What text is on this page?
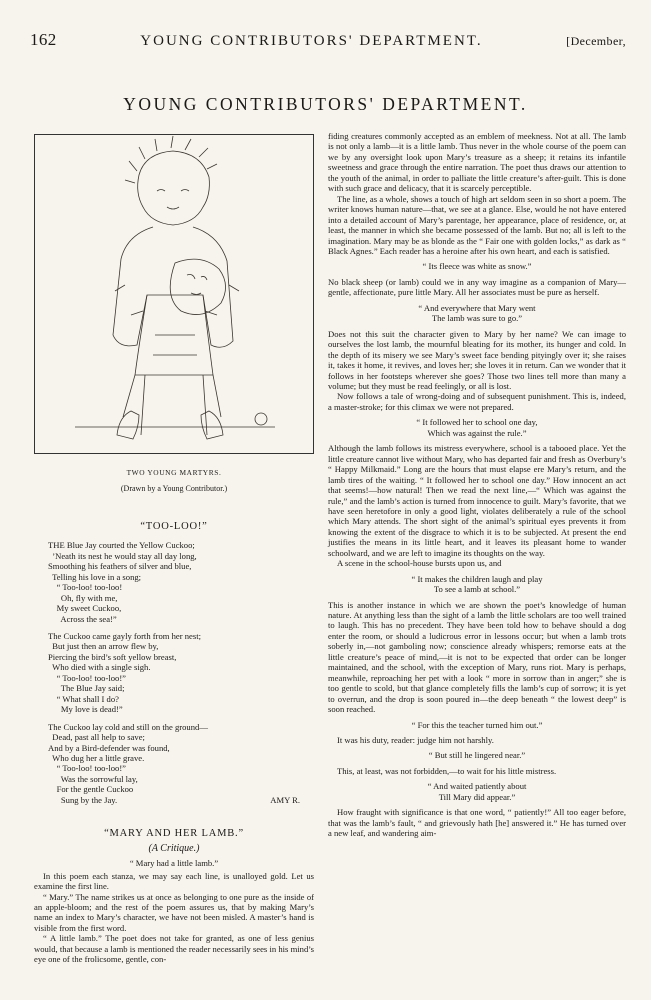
162	YOUNG CONTRIBUTORS' DEPARTMENT.	[December,
YOUNG CONTRIBUTORS' DEPARTMENT.
TWO YOUNG MARTYRS.
(Drawn by a Young Contributor.)
“TOO-LOO!”
THE Blue Jay courted the Yellow Cuckoo;
’Neath its nest he would stay all day long,
Smoothing his feathers of silver and blue,
Telling his love in a song;
“ Too-loo! too-loo!
Oh, fly with me,
My sweet Cuckoo,
Across the sea!”
The Cuckoo came gayly forth from her nest;
But just then an arrow flew by,
Piercing the bird’s soft yellow breast,
Who died with a single sigh.
“ Too-loo! too-loo!”
The Blue Jay said;
“ What shall I do?
My love is dead!”
The Cuckoo lay cold and still on the ground—
Dead, past all help to save;
And by a Bird-defender was found,
Who dug her a little grave.
“ Too-loo! too-loo!”
Was the sorrowful lay,
For the gentle Cuckoo
Sung by the Jay.	AMY R.
“MARY AND HER LAMB.”
(A Critique.)
“ Mary had a little lamb.”

In this poem each stanza, we may say each line, is unalloyed gold. Let us examine the first line.

“ Mary.” The name strikes us at once as belonging to one pure as the inside of an apple-bloom; and the rest of the poem assures us, that by making Mary’s name an index to Mary’s character, we have not been misled. A master’s hand is visible from the first word.

“ A little lamb.” The poet does not take for granted, as one of less genius would, that because a lamb is mentioned the reader necessarily sees in his mind’s eye one of the frolicsome, gentle, con-

fiding creatures commonly accepted as an emblem of meekness. Not at all. The lamb is not only a lamb—it is a little lamb. Thus never in the whole course of the poem can we by any oversight look upon Mary’s treasure as a sheep; it retains its infantile sweetness and grace through the entire narration. The poet thus draws our attention to the youth of the animal, in order to palliate the little creature’s after-guilt. This is done with such grace and delicacy, that it is scarcely perceptible.

The line, as a whole, shows a touch of high art seldom seen in so short a poem. The writer knows human nature—that, we see at a glance. Else, would he not have entered into a detailed account of Mary’s parentage, her appearance, place of residence, or, at least, the manner in which she became possessed of the lamb. But no; all is left to the imagination. Mary may be as blonde as the “ Fair one with golden locks,” as dark as “ Black Agnes.” Each reader has a heroine after his own heart, and each is satisfied.

“ Its fleece was white as snow.”

No black sheep (or lamb) could we in any way imagine as a companion of Mary—gentle, affectionate, pure little Mary. All her associates must be pure as herself.

“ And everywhere that Mary went
The lamb was sure to go.”

Does not this suit the character given to Mary by her name? We can image to ourselves the lost lamb, the mournful bleating for its mother, its hunger and cold. In the depth of its misery we see Mary’s sweet face bending pityingly over it; she raises it, takes it home, it revives, and loves her; she loves it in return. Can we wonder that it follows in her footsteps wherever she goes? Those two lines tell more than many a volume; but they must be read feelingly, or all is lost.

Now follows a tale of wrong-doing and of subsequent punishment. This is, indeed, a master-stroke; for this climax we were not prepared.

“ It followed her to school one day,
Which was against the rule.”

Although the lamb follows its mistress everywhere, school is a tabooed place. Yet the little creature cannot live without Mary, who has departed fair and fresh as Overbury’s “ Happy Milkmaid.” Long are the hours that must elapse ere Mary’s return, and the lamb tires of the waiting. “ It followed her to school one day.” How innocent an act that seems!—how natural! Then we read the next line,—“ Which was against the rule,” and the lamb’s action is turned from innocence to guilt. Mary’s favorite, that we have seen heretofore in only a good light, violates deliberately a rule of the school which Mary attends. The short sight of the animal’s spiritual eyes prevents it from knowing the extent of the disgrace to which it is to be subjected. At present the end justifies the means in its little heart, and it leaves its pleasant home to wander schoolward, and we are left to imagine its thoughts on the way.

A scene in the school-house bursts upon us, and

“ It makes the children laugh and play
To see a lamb at school.”

This is another instance in which we are shown the poet’s knowledge of human nature. At anything less than the sight of a lamb the little scholars are too well trained to laugh. This has no precedent. They have been told how to behave should a dog enter the room, or should a ludicrous error in lessons occur; but when a lamb trots soberly in,—not gamboling now; conscience already whispers; remorse eats at the little creature’s peace of mind,—it is not to be expected that order can be longer maintained, and the school, with the exception of Mary, runs riot. Mary is perhaps, meanwhile, reproaching her pet with a look “ more in sorrow than in anger;” she is too gentle to scold, but that glance completely fills the lamb’s cup of sorrow; it is yet to overrun, and the drop is soon poured in—the deep beneath “ the lowest deep” is soon reached.

“ For this the teacher turned him out.”

It was his duty, reader: judge him not harshly.

“ But still he lingered near.”

This, at least, was not forbidden,—to wait for his little mistress.

“ And waited patiently about
Till Mary did appear.”

How fraught with significance is that one word, “ patiently!” All too eager before, that was the lamb’s fault, “ and grievously hath [he] answered it.” He has turned over a new leaf, and wandering aim-
